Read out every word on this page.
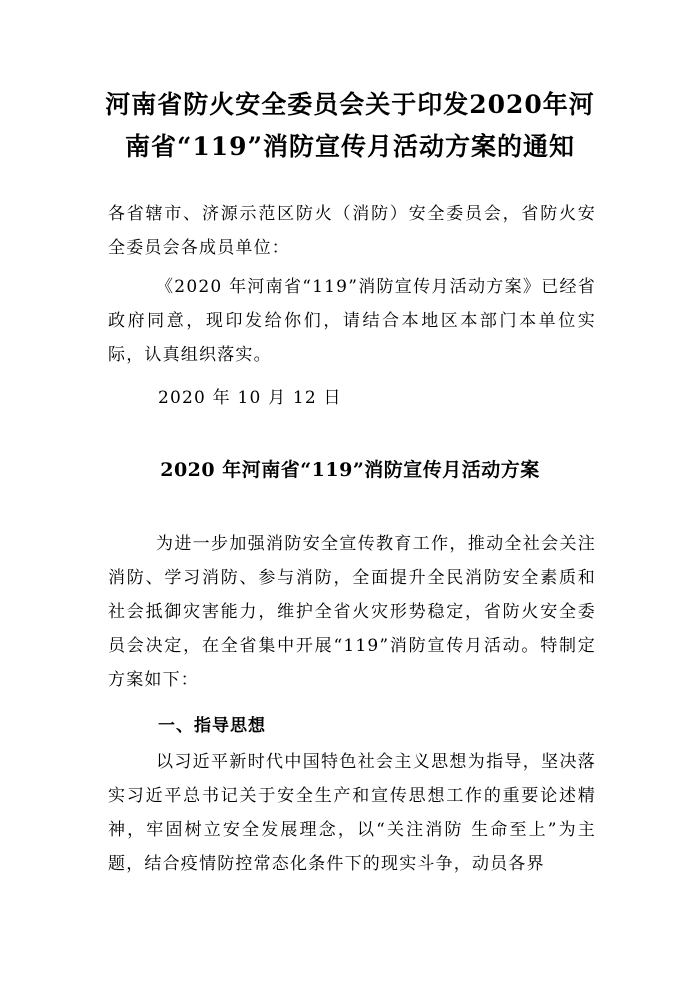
河南省防火安全委员会关于印发2020年河南省“119”消防宣传月活动方案的通知

各省辖市、济源示范区防火（消防）安全委员会，省防火安全委员会各成员单位：

《2020 年河南省“119”消防宣传月活动方案》已经省政府同意，现印发给你们，请结合本地区本部门本单位实际，认真组织落实。

2020 年 10 月 12 日

2020 年河南省“119”消防宣传月活动方案

为进一步加强消防安全宣传教育工作，推动全社会关注消防、学习消防、参与消防，全面提升全民消防安全素质和社会抵御灾害能力，维护全省火灾形势稳定，省防火安全委员会决定，在全省集中开展“119”消防宣传月活动。特制定方案如下：

一、指导思想

以习近平新时代中国特色社会主义思想为指导，坚决落实习近平总书记关于安全生产和宣传思想工作的重要论述精神，牢固树立安全发展理念，以“关注消防 生命至上”为主题，结合疫情防控常态化条件下的现实斗争，动员各界
